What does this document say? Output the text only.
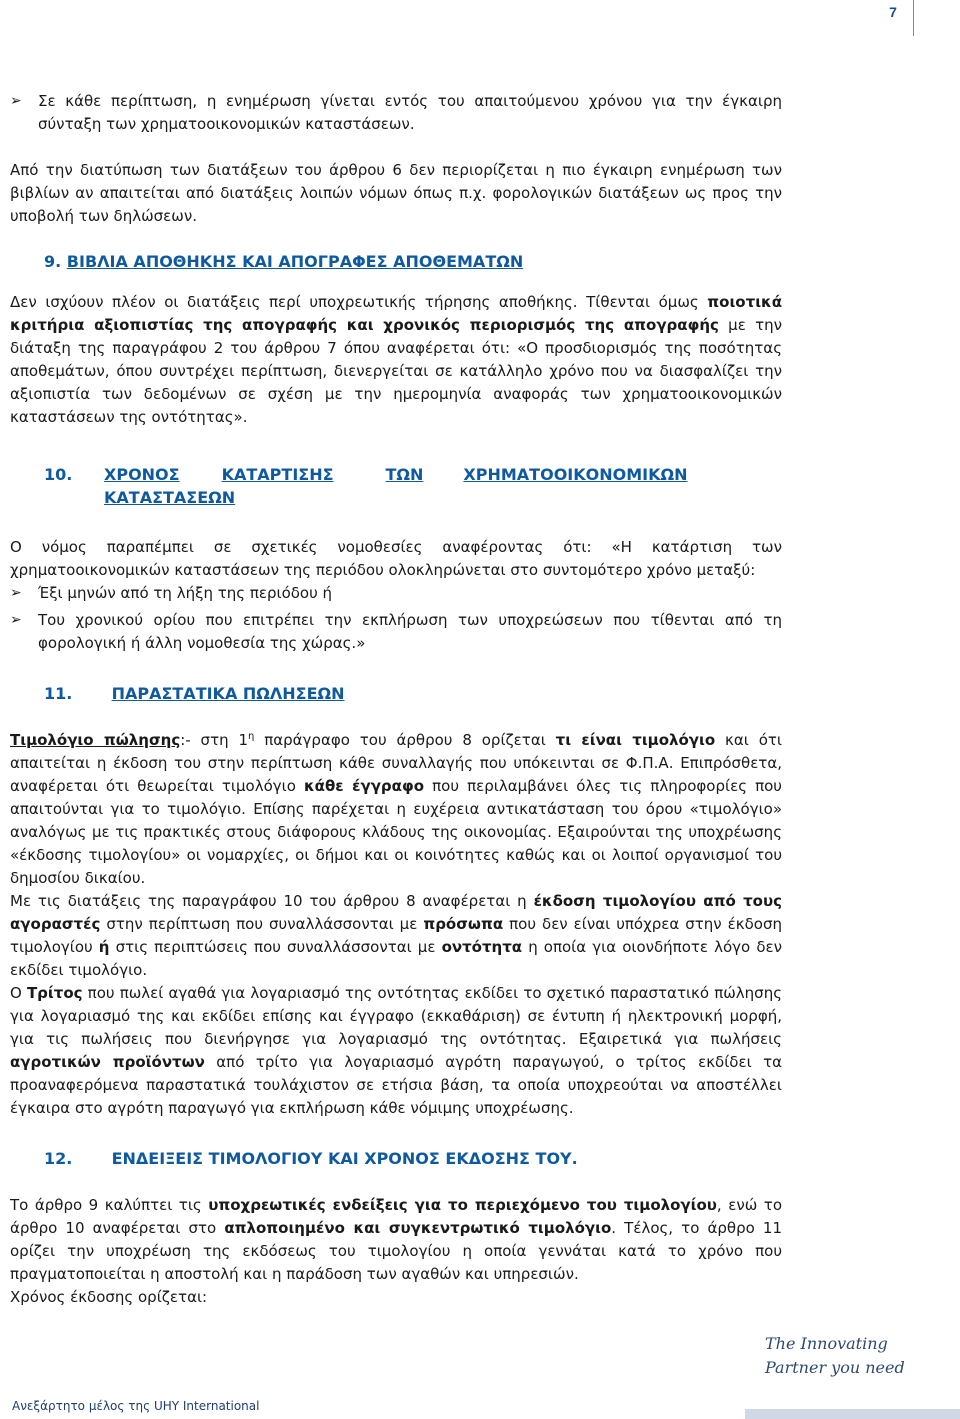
7
➢	Σε κάθε περίπτωση, η ενημέρωση γίνεται εντός του απαιτούμενου χρόνου για την έγκαιρη σύνταξη των χρηματοοικονομικών καταστάσεων.

Από την διατύπωση των διατάξεων του άρθρου 6 δεν περιορίζεται η πιο έγκαιρη ενημέρωση των βιβλίων αν απαιτείται από διατάξεις λοιπών νόμων όπως π.χ. φορολογικών διατάξεων ως προς την υποβολή των δηλώσεων.

9. ΒΙΒΛΙΑ ΑΠΟΘΗΚΗΣ ΚΑΙ ΑΠΟΓΡΑΦΕΣ ΑΠΟΘΕΜΑΤΩΝ

Δεν ισχύουν πλέον οι διατάξεις περί υποχρεωτικής τήρησης αποθήκης. Τίθενται όμως ποιοτικά κριτήρια αξιοπιστίας της απογραφής και χρονικός περιορισμός της απογραφής με την διάταξη της παραγράφου 2 του άρθρου 7 όπου αναφέρεται ότι: «Ο προσδιορισμός της ποσότητας αποθεμάτων, όπου συντρέχει περίπτωση, διενεργείται σε κατάλληλο χρόνο που να διασφαλίζει την αξιοπιστία των δεδομένων σε σχέση με την ημερομηνία αναφοράς των χρηματοοικονομικών καταστάσεων της οντότητας».

10.	ΧΡΟΝΟΣ	ΚΑΤΑΡΤΙΣΗΣ	ΤΩΝ	ΧΡΗΜΑΤΟΟΙΚΟΝΟΜΙΚΩΝ
ΚΑΤΑΣΤΑΣΕΩΝ

Ο νόμος παραπέμπει σε σχετικές νομοθεσίες αναφέροντας ότι: «Η κατάρτιση των χρηματοοικονομικών καταστάσεων της περιόδου ολοκληρώνεται στο συντομότερο χρόνο μεταξύ:

➢	Έξι μηνών από τη λήξη της περιόδου ή
➢	Του χρονικού ορίου που επιτρέπει την εκπλήρωση των υποχρεώσεων που τίθενται από τη φορολογική ή άλλη νομοθεσία της χώρας.»
11. ΠΑΡΑΣΤΑΤΙΚΑ ΠΩΛΗΣΕΩΝ

Τιμολόγιο πώλησης:- στη $1^\eta$ παράγραφο του άρθρου 8 ορίζεται τι είναι τιμολόγιο και ότι απαιτείται η έκδοση του στην περίπτωση κάθε συναλλαγής που υπόκεινται σε Φ.Π.Α. Επιπρόσθετα, αναφέρεται ότι θεωρείται τιμολόγιο κάθε έγγραφο που περιλαμβάνει όλες τις πληροφορίες που απαιτούνται για το τιμολόγιο. Επίσης παρέχεται η ευχέρεια αντικατάσταση του όρου «τιμολόγιο» αναλόγως με τις πρακτικές στους διάφορους κλάδους της οικονομίας. Εξαιρούνται της υποχρέωσης «έκδοσης τιμολογίου» οι νομαρχίες, οι δήμοι και οι κοινότητες καθώς και οι λοιποί οργανισμοί του δημοσίου δικαίου.

Με τις διατάξεις της παραγράφου 10 του άρθρου 8 αναφέρεται η έκδοση τιμολογίου από τους αγοραστές στην περίπτωση που συναλλάσσονται με πρόσωπα που δεν είναι υπόχρεα στην έκδοση τιμολογίου ή στις περιπτώσεις που συναλλάσσονται με οντότητα η οποία για οιονδήποτε λόγο δεν εκδίδει τιμολόγιο.

Ο Τρίτος που πωλεί αγαθά για λογαριασμό της οντότητας εκδίδει το σχετικό παραστατικό πώλησης για λογαριασμό της και εκδίδει επίσης και έγγραφο (εκκαθάριση) σε έντυπη ή ηλεκτρονική μορφή, για τις πωλήσεις που διενήργησε για λογαριασμό της οντότητας. Εξαιρετικά για πωλήσεις αγροτικών προϊόντων από τρίτο για λογαριασμό αγρότη παραγωγού, ο τρίτος εκδίδει τα προαναφερόμενα παραστατικά τουλάχιστον σε ετήσια βάση, τα οποία υποχρεούται να αποστέλλει έγκαιρα στο αγρότη παραγωγό για εκπλήρωση κάθε νόμιμης υποχρέωσης.

12. ΕΝΔΕΙΞΕΙΣ ΤΙΜΟΛΟΓΙΟΥ ΚΑΙ ΧΡΟΝΟΣ ΕΚΔΟΣΗΣ ΤΟΥ.

Το άρθρο 9 καλύπτει τις υποχρεωτικές ενδείξεις για το περιεχόμενο του τιμολογίου, ενώ το άρθρο 10 αναφέρεται στο απλοποιημένο και συγκεντρωτικό τιμολόγιο. Τέλος, το άρθρο 11 ορίζει την υποχρέωση της εκδόσεως του τιμολογίου η οποία γεννάται κατά το χρόνο που πραγματοποιείται η αποστολή και η παράδοση των αγαθών και υπηρεσιών.

Χρόνος έκδοσης ορίζεται:

The Innovating
Partner you need
Ανεξάρτητο μέλος της UHY International
